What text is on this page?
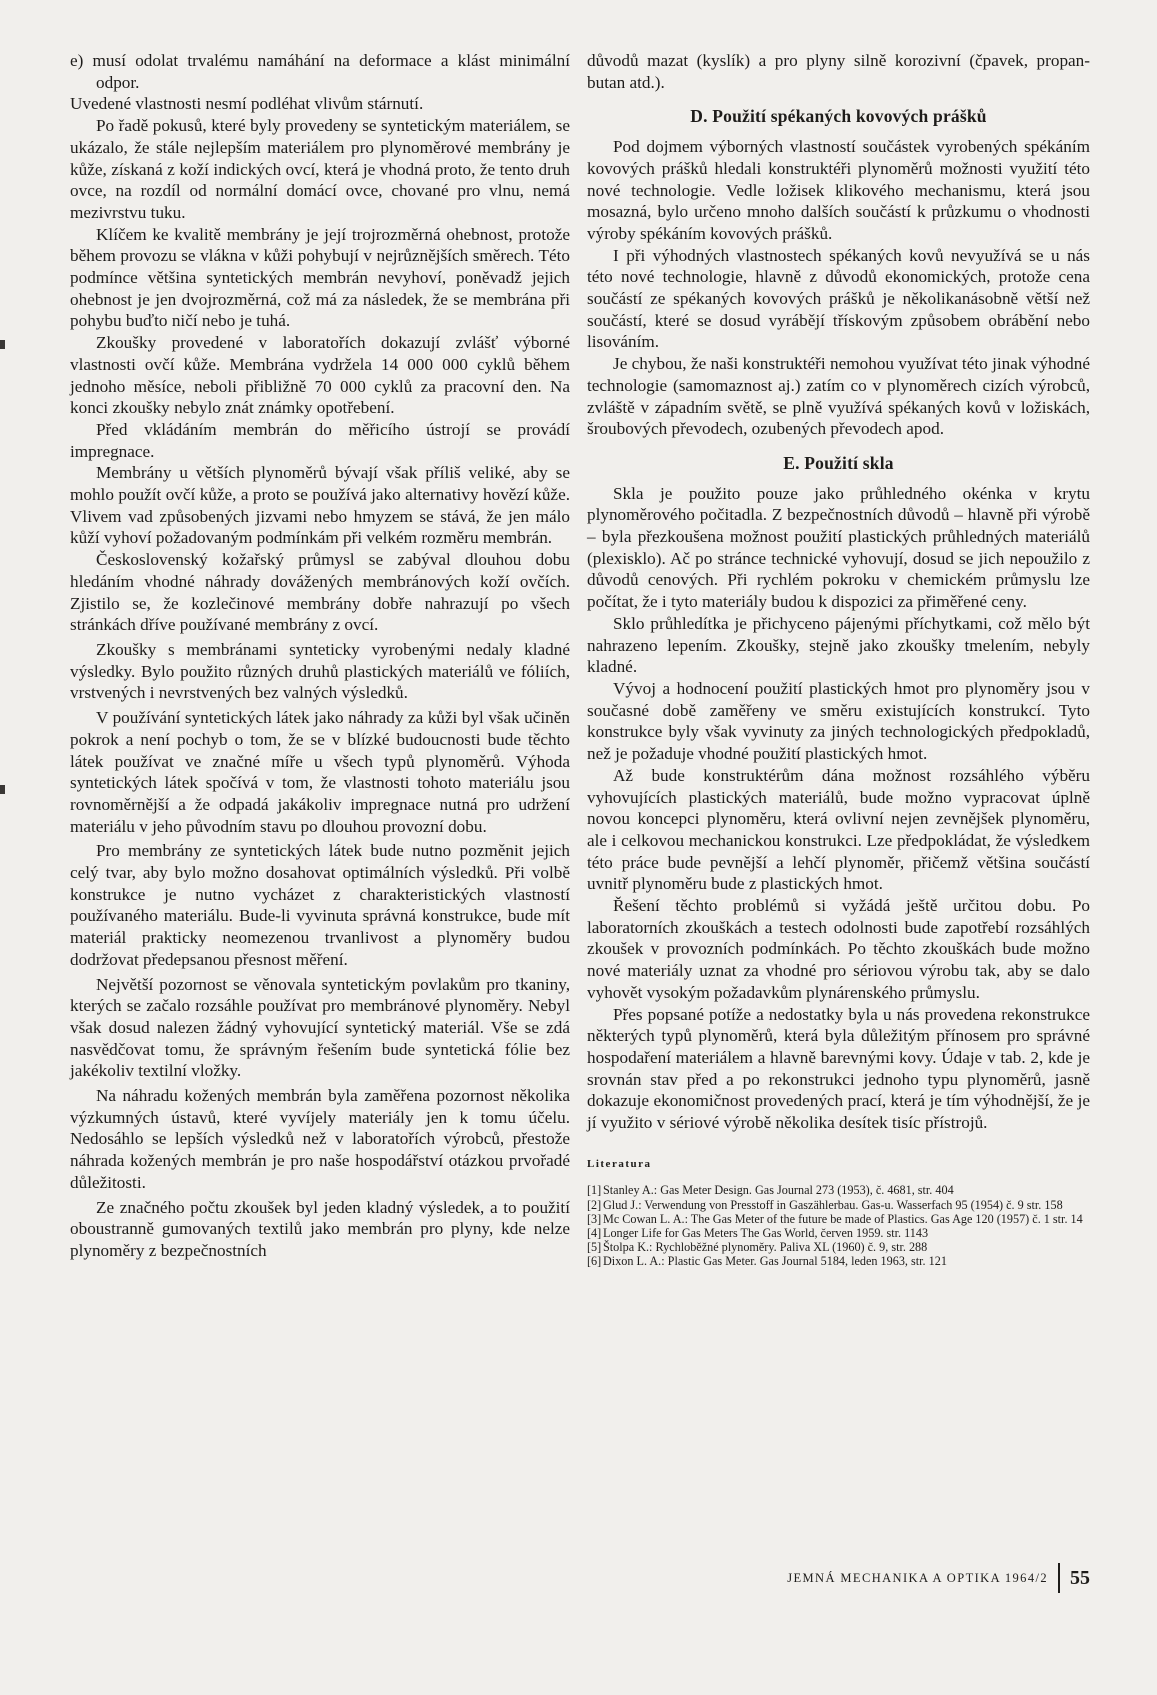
e) musí odolat trvalému namáhání na deformace a klást minimální odpor.

Uvedené vlastnosti nesmí podléhat vlivům stárnutí.

Po řadě pokusů, které byly provedeny se syntetickým materiálem, se ukázalo, že stále nejlepším materiálem pro plynoměrové membrány je kůže, získaná z koží indických ovcí, která je vhodná proto, že tento druh ovce, na rozdíl od normální domácí ovce, chované pro vlnu, nemá mezivrstvu tuku.

Klíčem ke kvalitě membrány je její trojrozměrná ohebnost, protože během provozu se vlákna v kůži pohybují v nejrůznějších směrech. Této podmínce většina syntetických membrán nevyhoví, poněvadž jejich ohebnost je jen dvojrozměrná, což má za následek, že se membrána při pohybu buďto ničí nebo je tuhá.

Zkoušky provedené v laboratořích dokazují zvlášť výborné vlastnosti ovčí kůže. Membrána vydržela 14 000 000 cyklů během jednoho měsíce, neboli přibližně 70 000 cyklů za pracovní den. Na konci zkoušky nebylo znát známky opotřebení.

Před vkládáním membrán do měřicího ústrojí se provádí impregnace.

Membrány u větších plynoměrů bývají však příliš veliké, aby se mohlo použít ovčí kůže, a proto se používá jako alternativy hovězí kůže. Vlivem vad způsobených jizvami nebo hmyzem se stává, že jen málo kůží vyhoví požadovaným podmínkám při velkém rozměru membrán.

Československý kožařský průmysl se zabýval dlouhou dobu hledáním vhodné náhrady dovážených membránových koží ovčích. Zjistilo se, že kozlečinové membrány dobře nahrazují po všech stránkách dříve používané membrány z ovcí.

Zkoušky s membránami synteticky vyrobenými nedaly kladné výsledky. Bylo použito různých druhů plastických materiálů ve fóliích, vrstvených i nevrstvených bez valných výsledků.

V používání syntetických látek jako náhrady za kůži byl však učiněn pokrok a není pochyb o tom, že se v blízké budoucnosti bude těchto látek používat ve značné míře u všech typů plynoměrů. Výhoda syntetických látek spočívá v tom, že vlastnosti tohoto materiálu jsou rovnoměrnější a že odpadá jakákoliv impregnace nutná pro udržení materiálu v jeho původním stavu po dlouhou provozní dobu.

Pro membrány ze syntetických látek bude nutno pozměnit jejich celý tvar, aby bylo možno dosahovat optimálních výsledků. Při volbě konstrukce je nutno vycházet z charakteristických vlastností používaného materiálu. Bude-li vyvinuta správná konstrukce, bude mít materiál prakticky neomezenou trvanlivost a plynoměry budou dodržovat předepsanou přesnost měření.

Největší pozornost se věnovala syntetickým povlakům pro tkaniny, kterých se začalo rozsáhle používat pro membránové plynoměry. Nebyl však dosud nalezen žádný vyhovující syntetický materiál. Vše se zdá nasvědčovat tomu, že správným řešením bude syntetická fólie bez jakékoliv textilní vložky.

Na náhradu kožených membrán byla zaměřena pozornost několika výzkumných ústavů, které vyvíjely materiály jen k tomu účelu. Nedosáhlo se lepších výsledků než v laboratořích výrobců, přestože náhrada kožených membrán je pro naše hospodářství otázkou prvořadé důležitosti.

Ze značného počtu zkoušek byl jeden kladný výsledek, a to použití oboustranně gumovaných textilů jako membrán pro plyny, kde nelze plynoměry z bezpečnostních

důvodů mazat (kyslík) a pro plyny silně korozivní (čpavek, propan-butan atd.).

D. Použití spékaných kovových prášků

Pod dojmem výborných vlastností součástek vyrobených spékáním kovových prášků hledali konstruktéři plynoměrů možnosti využití této nové technologie. Vedle ložisek klikového mechanismu, která jsou mosazná, bylo určeno mnoho dalších součástí k průzkumu o vhodnosti výroby spékáním kovových prášků.

I při výhodných vlastnostech spékaných kovů nevyužívá se u nás této nové technologie, hlavně z důvodů ekonomických, protože cena součástí ze spékaných kovových prášků je několikanásobně větší než součástí, které se dosud vyrábějí třískovým způsobem obrábění nebo lisováním.

Je chybou, že naši konstruktéři nemohou využívat této jinak výhodné technologie (samomaznost aj.) zatím co v plynoměrech cizích výrobců, zvláště v západním světě, se plně využívá spékaných kovů v ložiskách, šroubových převodech, ozubených převodech apod.

E. Použití skla

Skla je použito pouze jako průhledného okénka v krytu plynoměrového počitadla. Z bezpečnostních důvodů – hlavně při výrobě – byla přezkoušena možnost použití plastických průhledných materiálů (plexisklo). Ač po stránce technické vyhovují, dosud se jich nepoužilo z důvodů cenových. Při rychlém pokroku v chemickém průmyslu lze počítat, že i tyto materiály budou k dispozici za přiměřené ceny.

Sklo průhledítka je přichyceno pájenými příchytkami, což mělo být nahrazeno lepením. Zkoušky, stejně jako zkoušky tmelením, nebyly kladné.

Vývoj a hodnocení použití plastických hmot pro plynoměry jsou v současné době zaměřeny ve směru existujících konstrukcí. Tyto konstrukce byly však vyvinuty za jiných technologických předpokladů, než je požaduje vhodné použití plastických hmot.

Až bude konstruktérům dána možnost rozsáhlého výběru vyhovujících plastických materiálů, bude možno vypracovat úplně novou koncepci plynoměru, která ovlivní nejen zevnějšek plynoměru, ale i celkovou mechanickou konstrukci. Lze předpokládat, že výsledkem této práce bude pevnější a lehčí plynoměr, přičemž většina součástí uvnitř plynoměru bude z plastických hmot.

Řešení těchto problémů si vyžádá ještě určitou dobu. Po laboratorních zkouškách a testech odolnosti bude zapotřebí rozsáhlých zkoušek v provozních podmínkách. Po těchto zkouškách bude možno nové materiály uznat za vhodné pro sériovou výrobu tak, aby se dalo vyhovět vysokým požadavkům plynárenského průmyslu.

Přes popsané potíže a nedostatky byla u nás provedena rekonstrukce některých typů plynoměrů, která byla důležitým přínosem pro správné hospodaření materiálem a hlavně barevnými kovy. Údaje v tab. 2, kde je srovnán stav před a po rekonstrukci jednoho typu plynoměrů, jasně dokazuje ekonomičnost provedených prací, která je tím výhodnější, že je jí využito v sériové výrobě několika desítek tisíc přístrojů.

Literatura
[1] Stanley A.: Gas Meter Design. Gas Journal 273 (1953), č. 4681, str. 404
[2] Glud J.: Verwendung von Presstoff in Gaszählerbau. Gas-u. Wasserfach 95 (1954) č. 9 str. 158
[3] Mc Cowan L. A.: The Gas Meter of the future be made of Plastics. Gas Age 120 (1957) č. 1 str. 14
[4] Longer Life for Gas Meters The Gas World, červen 1959. str. 1143
[5] Štolpa K.: Rychloběžné plynoměry. Paliva XL (1960) č. 9, str. 288
[6] Dixon L. A.: Plastic Gas Meter. Gas Journal 5184, leden 1963, str. 121
JEMNÁ MECHANIKA A OPTIKA 1964/2 55
